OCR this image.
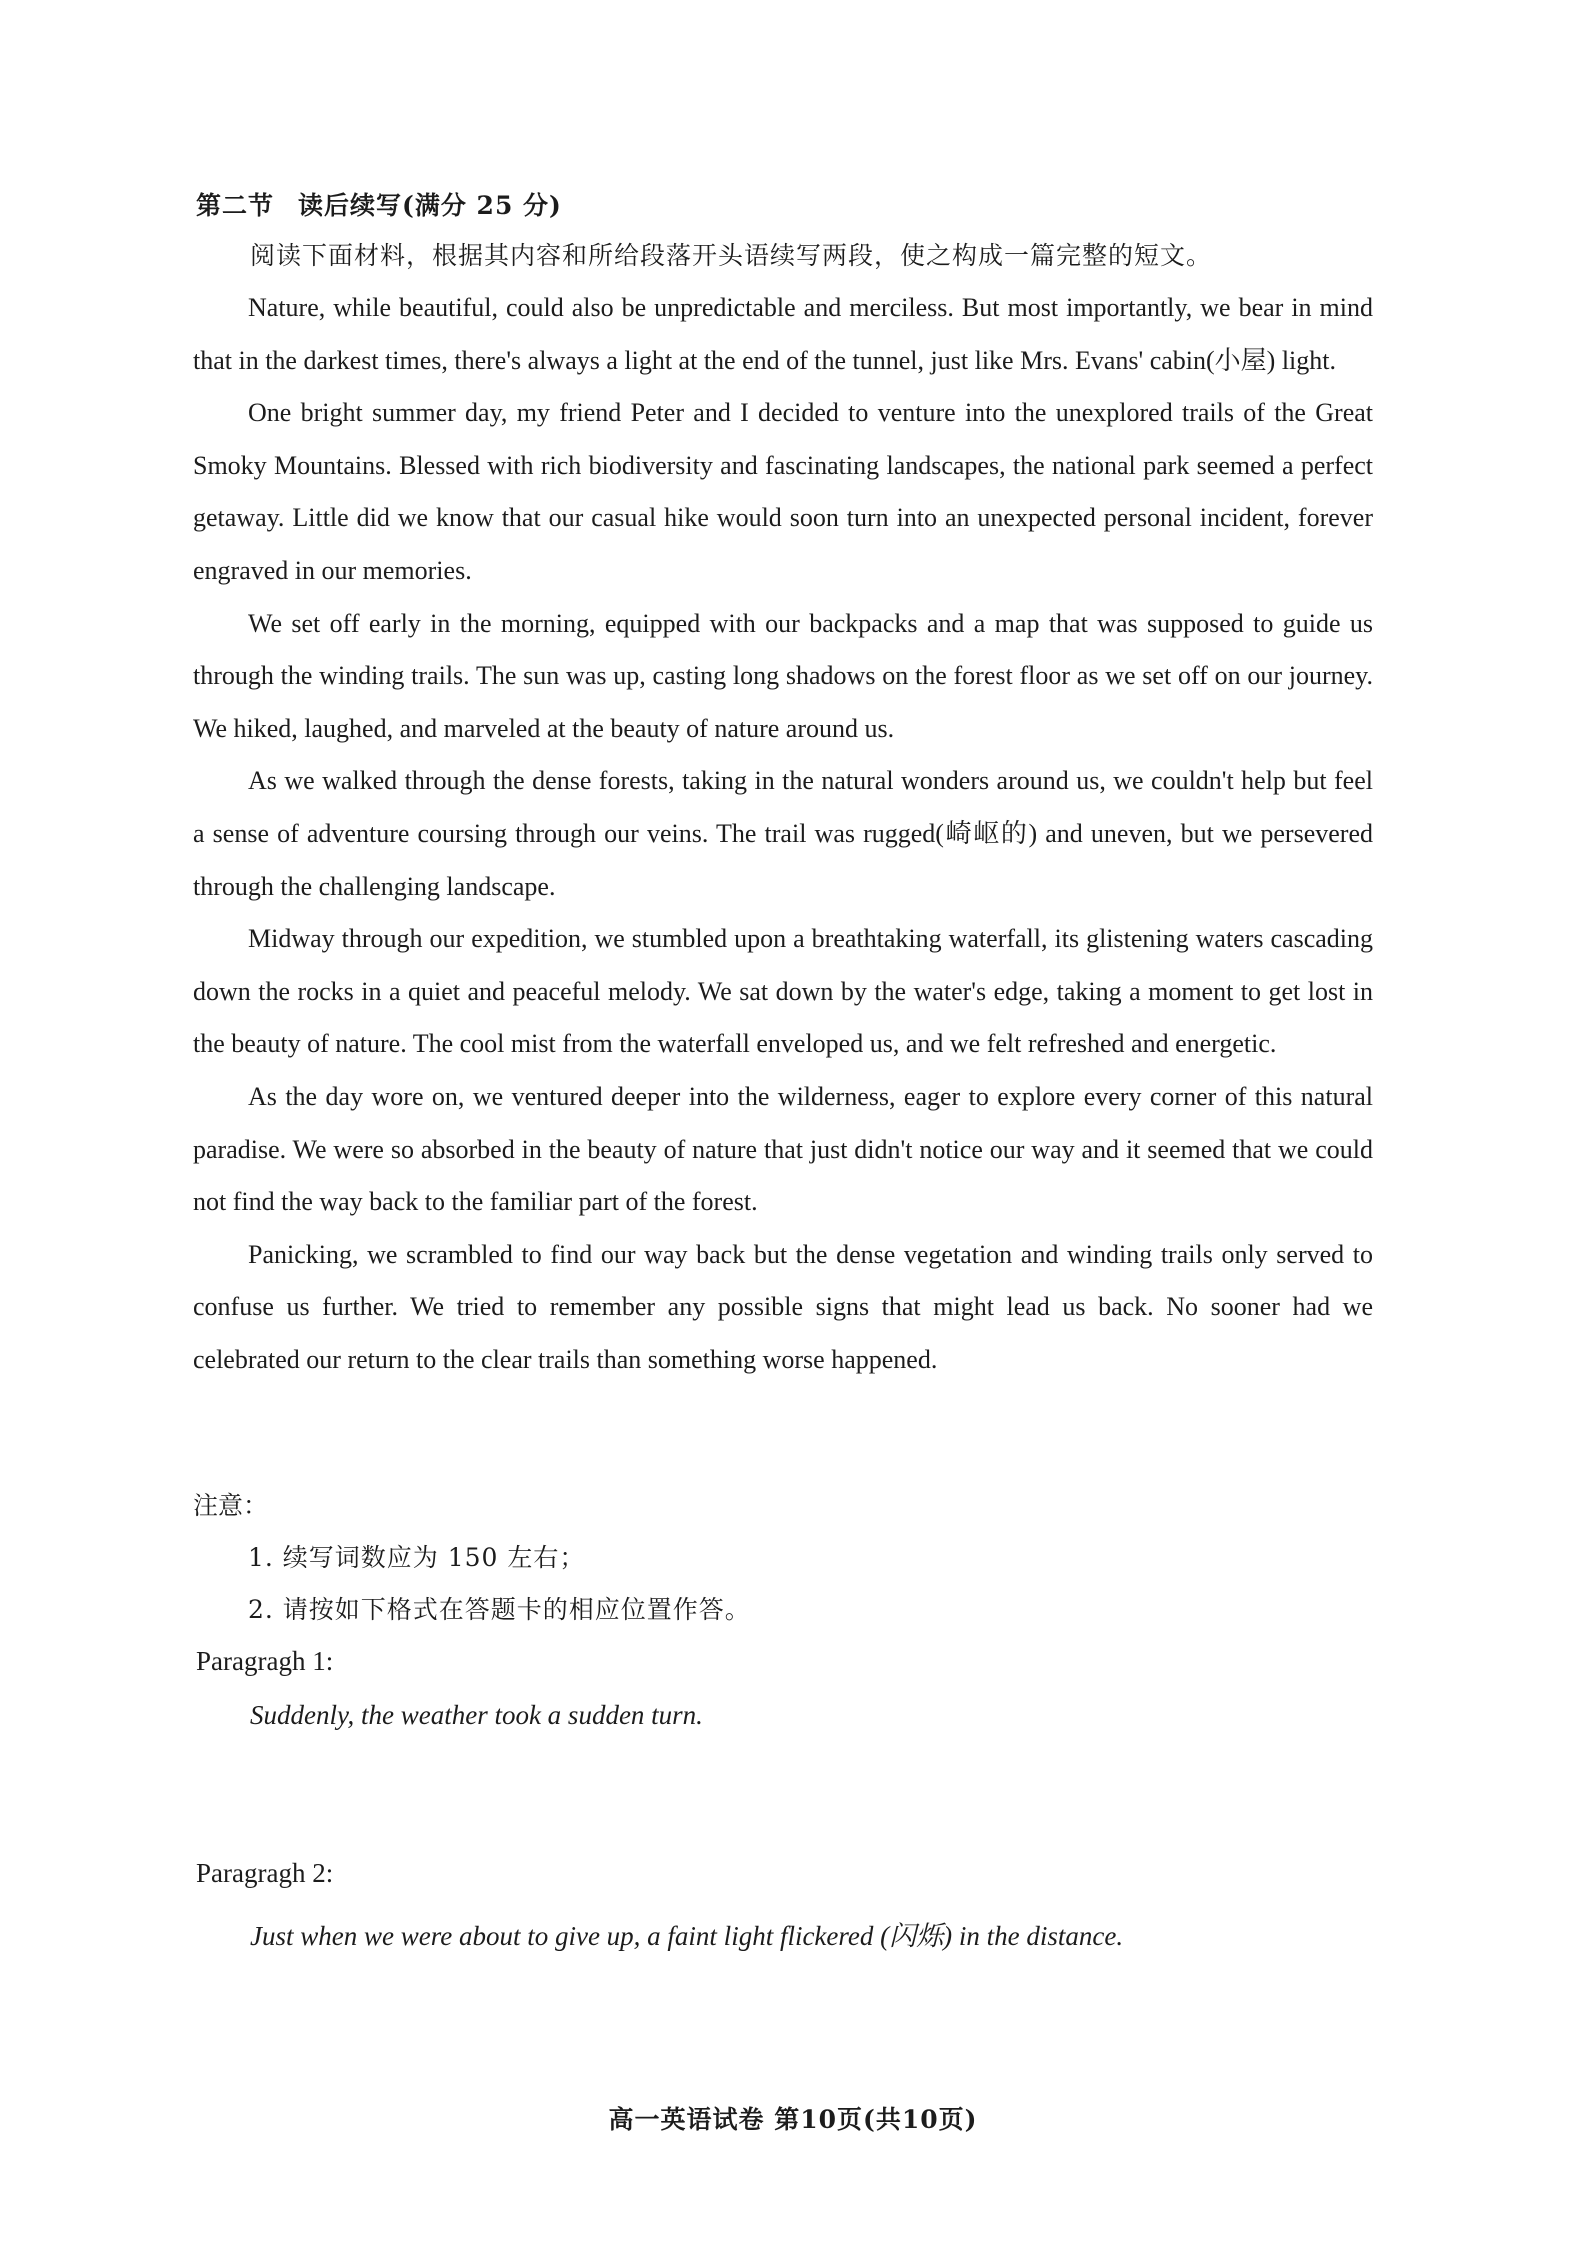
第二节 读后续写(满分 25 分)
阅读下面材料，根据其内容和所给段落开头语续写两段，使之构成一篇完整的短文。

Nature, while beautiful, could also be unpredictable and merciless. But most importantly, we bear in mind that in the darkest times, there's always a light at the end of the tunnel, just like Mrs. Evans' cabin(小屋) light.

One bright summer day, my friend Peter and I decided to venture into the unexplored trails of the Great Smoky Mountains. Blessed with rich biodiversity and fascinating landscapes, the national park seemed a perfect getaway. Little did we know that our casual hike would soon turn into an unexpected personal incident, forever engraved in our memories.

We set off early in the morning, equipped with our backpacks and a map that was supposed to guide us through the winding trails. The sun was up, casting long shadows on the forest floor as we set off on our journey. We hiked, laughed, and marveled at the beauty of nature around us.

As we walked through the dense forests, taking in the natural wonders around us, we couldn't help but feel a sense of adventure coursing through our veins. The trail was rugged(崎岖的) and uneven, but we persevered through the challenging landscape.

Midway through our expedition, we stumbled upon a breathtaking waterfall, its glistening waters cascading down the rocks in a quiet and peaceful melody. We sat down by the water's edge, taking a moment to get lost in the beauty of nature. The cool mist from the waterfall enveloped us, and we felt refreshed and energetic.

As the day wore on, we ventured deeper into the wilderness, eager to explore every corner of this natural paradise. We were so absorbed in the beauty of nature that just didn't notice our way and it seemed that we could not find the way back to the familiar part of the forest.

Panicking, we scrambled to find our way back but the dense vegetation and winding trails only served to confuse us further. We tried to remember any possible signs that might lead us back. No sooner had we celebrated our return to the clear trails than something worse happened.

注意：
1. 续写词数应为 150 左右；
2. 请按如下格式在答题卡的相应位置作答。
Paragragh 1:
Suddenly, the weather took a sudden turn.
Paragragh 2:
Just when we were about to give up, a faint light flickered (闪烁) in the distance.
高一英语试卷 第10页(共10页)
